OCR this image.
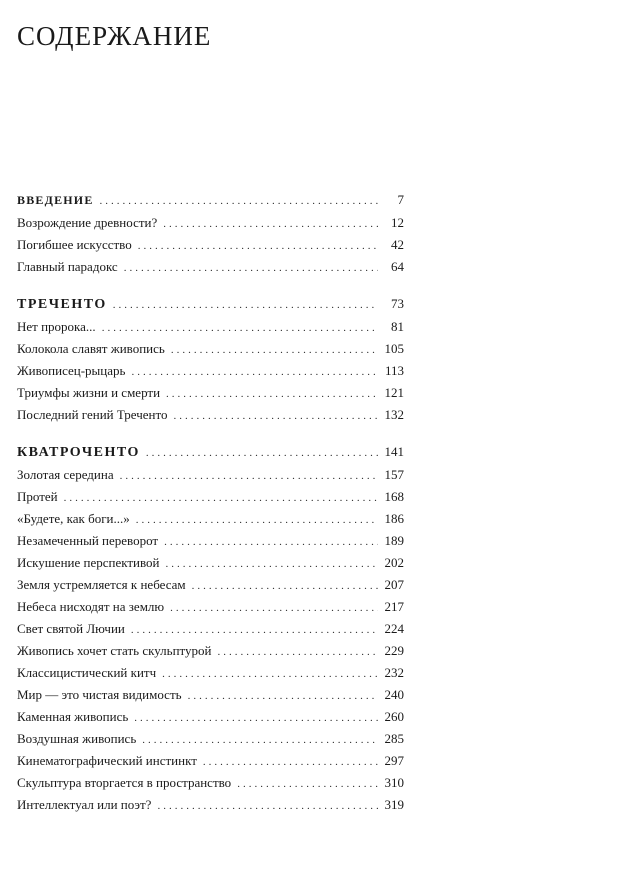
СОДЕРЖАНИЕ
ВВЕДЕНИЕ .....	7
Возрождение древности? .....	12
Погибшее искусство .....	42
Главный парадокс .....	64
ТРЕЧЕНТО .....	73
Нет пророка... .....	81
Колокола славят живопись .....	105
Живописец-рыцарь .....	113
Триумфы жизни и смерти .....	121
Последний гений Треченто .....	132
КВАТРОЧЕНТО .....	141
Золотая середина .....	157
Протей .....	168
«Будете, как боги...» .....	186
Незамеченный переворот .....	189
Искушение перспективой .....	202
Земля устремляется к небесам .....	207
Небеса нисходят на землю .....	217
Свет святой Лючии .....	224
Живопись хочет стать скульптурой .....	229
Классицистический китч .....	232
Мир — это чистая видимость .....	240
Каменная живопись .....	260
Воздушная живопись .....	285
Кинематографический инстинкт .....	297
Скульптура вторгается в пространство .....	310
Интеллектуал или поэт? .....	319
